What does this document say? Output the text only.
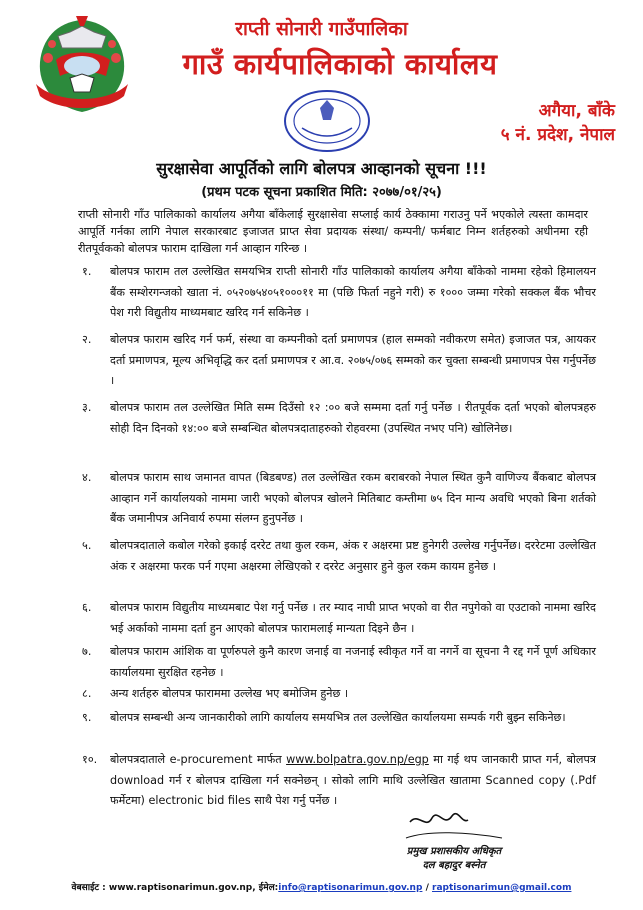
राप्ती सोनारी गाउँपालिका
गाउँ कार्यपालिकाको कार्यालय
अगैया, बाँके
५ नं. प्रदेश, नेपाल
सुरक्षासेवा आपूर्तिको लागि बोलपत्र आव्हानको सूचना !!!
(प्रथम पटक सूचना प्रकाशित मिति: २०७७/०१/२५)
राप्ती सोनारी गाँउ पालिकाको कार्यालय अगैया बाँकेलाई सुरक्षासेवा सप्लाई कार्य ठेक्कामा गराउनु पर्ने भएकोले त्यस्ता कामदार आपूर्ति गर्नका लागि नेपाल सरकारबाट इजाजत प्राप्त सेवा प्रदायक संस्था/ कम्पनी/ फर्मबाट निम्न शर्तहरुको अधीनमा रही रीतपूर्वकको बोलपत्र फाराम दाखिला गर्न आव्हान गरिन्छ ।
१. बोलपत्र फाराम तल उल्लेखित समयभित्र राप्ती सोनारी गाँउ पालिकाको कार्यालय अगैया बाँकेको नाममा रहेको हिमालयन बैंक सम्शेरगन्जको खाता नं. ०५२०७५४०५१०००११ मा (पछि फिर्ता नहुने गरी) रु १००० जम्मा गरेको सक्कल बैंक भौचर पेश गरी विद्युतीय माध्यमबाट खरिद गर्न सकिनेछ ।
२. बोलपत्र फाराम खरिद गर्न फर्म, संस्था वा कम्पनीको दर्ता प्रमाणपत्र (हाल सम्मको नवीकरण समेत) इजाजत पत्र, आयकर दर्ता प्रमाणपत्र, मूल्य अभिवृद्धि कर दर्ता प्रमाणपत्र र आ.व. २०७५/०७६ सम्मको कर चुक्ता सम्बन्धी प्रमाणपत्र पेस गर्नुपर्नेछ ।
३. बोलपत्र फाराम तल उल्लेखित मिति सम्म दिउँसो १२ :०० बजे सम्ममा दर्ता गर्नु पर्नेछ । रीतपूर्वक दर्ता भएको बोलपत्रहरु सोही दिन दिनको १४:०० बजे सम्बन्धित बोलपत्रदाताहरुको रोहवरमा (उपस्थित नभए पनि) खोलिनेछ।
४. बोलपत्र फाराम साथ जमानत वापत (बिडबण्ड) तल उल्लेखित रकम बराबरको नेपाल स्थित कुनै वाणिज्य बैंकबाट बोलपत्र आव्हान गर्ने कार्यालयको नाममा जारी भएको बोलपत्र खोलने मितिबाट कम्तीमा ७५ दिन मान्य अवधि भएको बिना शर्तको बैंक जमानीपत्र अनिवार्य रुपमा संलग्न हुनुपर्नेछ ।
५. बोलपत्रदाताले कबोल गरेको इकाई दररेट तथा कुल रकम, अंक र अक्षरमा प्रष्ट हुनेगरी उल्लेख गर्नुपर्नेछ। दररेटमा उल्लेखित अंक र अक्षरमा फरक पर्न गएमा अक्षरमा लेखिएको र दररेट अनुसार हुने कुल रकम कायम हुनेछ ।
६. बोलपत्र फाराम विद्युतीय माध्यमबाट पेश गर्नु पर्नेछ । तर म्याद नाघी प्राप्त भएको वा रीत नपुगेको वा एउटाको नाममा खरिद भई अर्काको नाममा दर्ता हुन आएको बोलपत्र फारामलाई मान्यता दिइने छैन ।
७. बोलपत्र फाराम आंशिक वा पूर्णरुपले कुनै कारण जनाई वा नजनाई स्वीकृत गर्ने वा नगर्ने वा सूचना नै रद्द गर्ने पूर्ण अधिकार कार्यालयमा सुरक्षित रहनेछ ।
८. अन्य शर्तहरु बोलपत्र फाराममा उल्लेख भए बमोजिम हुनेछ ।
९. बोलपत्र सम्बन्धी अन्य जानकारीको लागि कार्यालय समयभित्र तल उल्लेखित कार्यालयमा सम्पर्क गरी बुझ्न सकिनेछ।
१०. बोलपत्रदाताले e-procurement मार्फत www.bolpatra.gov.np/egp मा गई थप जानकारी प्राप्त गर्न, बोलपत्र download गर्न र बोलपत्र दाखिला गर्न सक्नेछन् । सोको लागि माथि उल्लेखित खातामा Scanned copy (.Pdf फर्मेटमा) electronic bid files साथै पेश गर्नु पर्नेछ ।
प्रमुख प्रशासकीय अधिकृत
दल बहादुर बस्नेत
वेबसाईट : www.raptisonarimun.gov.np, ईमेल:info@raptisonarimun.gov.np / raptisonarimun@gmail.com
